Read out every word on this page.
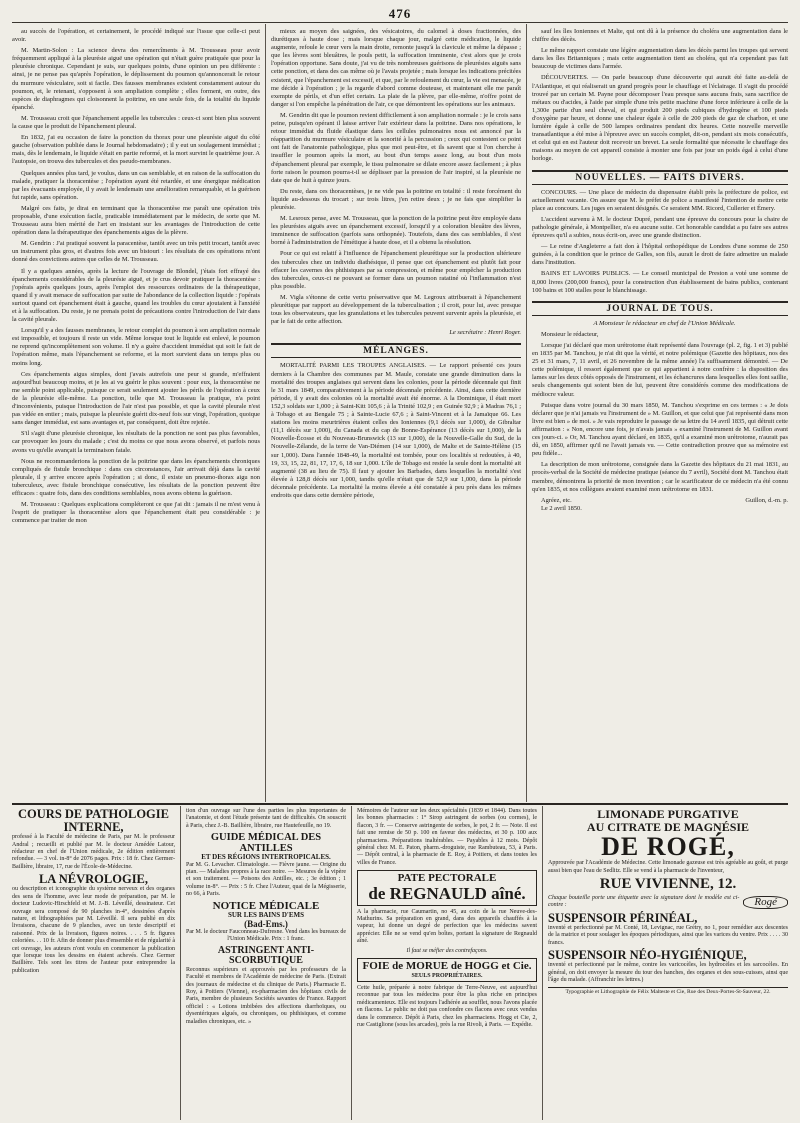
476

au succès de l'opération, et certainement, le procédé indiqué sur l'issue que celle-ci peut avoir.

M. Martin-Solon : La science devra des remercîments à M. Trousseau pour avoir fréquemment appliqué à la pleurésie aiguë une opération qui n'était guère pratiquée que pour la pleurésie chronique. Cependant je suis, sur quelques points, d'une opinion un peu différente : ainsi, je ne pense pas qu'après l'opération, le déplissement du poumon qu'annoncerait le retour du murmure vésiculaire, soit si facile. Des fausses membranes existent constamment autour du poumon, et, le retenant, s'opposent à son ampliation complète ; elles forment, en outre, des espèces de diaphragmes qui cloisonnent la poitrine, en une seule fois, de la totalité du liquide épanché.

M. Trousseau croit que l'épanchement appelle les tubercules : ceux-ci sont bien plus souvent la cause que le produit de l'épanchement pleural.

En 1832, j'ai eu occasion de faire la ponction du thorax pour une pleurésie aiguë du côté gauche (observation publiée dans le Journal hebdomadaire) ; il y eut un soulagement immédiat ; mais, dès le lendemain, le liquide s'était en partie reformé, et la mort survint le quatrième jour. A l'autopsie, on trouva des tubercules et des pseudo-membranes.

Quelques années plus tard, je voulus, dans un cas semblable, et en raison de la suffocation du malade, pratiquer la thoracentèse ; l'opération ayant été retardée, et une énergique médication par les évacuants employée, il y avait le lendemain une amélioration remarquable, et la guérison fut rapide, sans opération.

Malgré ces faits, je dirai en terminant que la thoracentèse me paraît une opération très proposable, d'une exécution facile, praticable immédiatement par le médecin, de sorte que M. Trousseau aura bien mérité de l'art en insistant sur les avantages de l'introduction de cette opération dans la thérapeutique des épanchements aigus de la plèvre.

M. Gendrin : J'ai pratiqué souvent la paracentèse, tantôt avec un très petit trocart, tantôt avec un instrument plus gros, et d'autres fois avec un bistouri : les résultats de ces opérations m'ont donné des convictions autres que celles de M. Trousseau.

Il y a quelques années, après la lecture de l'ouvrage de Blondel, j'étais fort effrayé des épanchements considérables de la pleurésie aiguë, et je crus devoir pratiquer la thoracentèse : j'opérais après quelques jours, après l'emploi des ressources ordinaires de la thérapeutique, quand il y avait menace de suffocation par suite de l'abondance de la collection liquide : j'opérais surtout quand cet épanchement était à gauche, quand les troubles du cœur ajoutaient à l'anxiété et à la suffocation. Du reste, je ne prenais point de précautions contre l'introduction de l'air dans la cavité pleurale.

Lorsqu'il y a des fausses membranes, le retour complet du poumon à son ampliation normale est impossible, et toujours il reste un vide. Même lorsque tout le liquide est enlevé, le poumon ne reprend qu'incomplètement son volume. Il n'y a guère d'accident immédiat qui soit le fait de l'opération même, mais l'épanchement se reforme, et la mort survient dans un temps plus ou moins long.

Ces épanchements aigus simples, dont j'avais autrefois une peur si grande, m'effraient aujourd'hui beaucoup moins, et je les ai vu guérir le plus souvent : pour eux, la thoracentèse ne me semble point applicable, puisque ce serait seulement ajouter les périls de l'opération à ceux de la pleurésie elle-même. La ponction, telle que M. Trousseau la pratique, n'a point d'inconvénients, puisque l'introduction de l'air n'est pas possible, et que la cavité pleurale n'est pas vidée en entier ; mais, puisque la pleurésie guérit dix-neuf fois sur vingt, l'opération, quoique sans danger immédiat, est sans avantages et, par conséquent, doit être rejetée.

S'il s'agit d'une pleurésie chronique, les résultats de la ponction ne sont pas plus favorables, car provoquer les jours du malade ; c'est du moins ce que nous avons observé, et parfois nous avons vu qu'elle avançait la terminaison fatale.

Nous ne recommanderions la ponction de la poitrine que dans les épanchements chroniques compliqués de fistule bronchique : dans ces circonstances, l'air arrivait déjà dans la cavité pleurale, il y arrive encore après l'opération ; si donc, il existe un pneumo-thorax aigu non tuberculeux, avec fistule bronchique consécutive, les résultats de la ponction peuvent être efficaces : quatre fois, dans des conditions semblables, nous avons obtenu la guérison.

M. Trousseau : Quelques explications compléteront ce que j'ai dit : jamais il ne m'est venu à l'esprit de pratiquer la thoracentèse alors que l'épanchement était peu considérable : je commence par traiter de mon

mieux au moyen des saignées, des vésicatoires, du calomel à doses fractionnées, des diurétiques à haute dose ; mais lorsque chaque jour, malgré cette médication, le liquide augmente, refoule le cœur vers la main droite, remonte jusqu'à la clavicule et même la dépasse ; que les lèvres sont bleuâtres, le pouls petit, la suffocation imminente, c'est alors que je crois l'opération opportune. Sans doute, j'ai vu de très nombreuses guérisons de pleurésies aiguës sans cette ponction, et dans des cas même où je l'avais projetée ; mais lorsque les indications précitées existent, que l'épanchement est excessif, et que, par le refoulement du cœur, la vie est menacée, je me décide à l'opération ; je la regarde d'abord comme douteuse, et maintenant elle me paraît exempte de périls, et d'un effet certain. La plaie de la plèvre, par elle-même, n'offre point de danger si l'on empêche la pénétration de l'air, ce que démontrent les opérations sur les animaux.

M. Gendrin dit que le poumon revient difficilement à son ampliation normale : je le crois sans peine, puisqu'en opérant il laisse arriver l'air extérieur dans la poitrine. Dans nos opérations, le retour immédiat du fluide élastique dans les cellules pulmonaires nous est annoncé par la réapparition du murmure vésiculaire et la sonorité à la percussion ; ceux qui contestent ce point ont fait de l'anatomie pathologique, plus que moi peut-être, et ils savent que si l'on cherche à insuffler le poumon après la mort, au bout d'un temps assez long, au bout d'un mois d'épanchement pleural par exemple, le tissu pulmonaire se dilate encore assez facilement ; à plus forte raison le poumon pourra-t-il se déplisser par la pression de l'air inspiré, si la pleurésie ne date que de huit à quinze jours.

Du reste, dans ces thoracentèses, je ne vide pas la poitrine en totalité : il reste forcément du liquide au-dessous du trocart ; sur trois litres, j'en retire deux ; je ne fais que simplifier la pleurésie.

M. Lesroux pense, avec M. Trousseau, que la ponction de la poitrine peut être employée dans les pleurésies aiguës avec un épanchement excessif, lorsqu'il y a coloration bleuâtre des lèvres, imminence de suffocation (parfois sans orthopnée). Toutefois, dans des cas semblables, il s'est borné à l'administration de l'émétique à haute dose, et il a obtenu la résolution.

Pour ce qui est relatif à l'influence de l'épanchement pleurétique sur la production ultérieure des tubercules chez un individu diathésique, il pense que cet épanchement est plutôt fait pour effacer les cavernes des phthisiques par sa compression, et même pour empêcher la production des tubercules, ceux-ci ne pouvant se former dans un poumon ratatiné où l'inflammation n'est plus possible.

M. Vigla s'étonne de cette vertu préservative que M. Legroux attribuerait à l'épanchement pleurétique par rapport au développement de la tuberculisation ; il croit, pour lui, avec presque tous les observateurs, que les granulations et les tubercules peuvent survenir après la pleurésie, et par le fait de cette affection.

Le secrétaire : Henri Roger.

MÉLANGES.

MORTALITÉ PARMI LES TROUPES ANGLAISES. — Le rapport présenté ces jours derniers à la Chambre des communes par M. Maule, constate une grande diminution dans la mortalité des troupes anglaises qui servent dans les colonies, pour la période décennale qui finit le 31 mars 1849, comparativement à la période décennale précédente. Ainsi, dans cette dernière période, il y avait des colonies où la mortalité avait été énorme. A la Dominique, il était mort 152,3 soldats sur 1,000 ; à Saint-Kitt 105,6 ; à la Trinité 102,9 ; en Guinée 92,9 ; à Madras 76,1 ; à Tobago et au Bengale 75 ; à Sainte-Lucie 67,6 ; à Saint-Vincent et à la Jamaïque 66. Les stations les moins meurtrières étaient celles des Ioniennes (9,1 décès sur 1,000), de Gibraltar (11,1 décès sur 1,000), du Canada et du cap de Bonne-Espérance (13 décès sur 1,000), de la Nouvelle-Écosse et du Nouveau-Brunswick (13 sur 1,000), de la Nouvelle-Galle du Sud, de la Nouvelle-Zélande, de la terre de Van-Diémen (14 sur 1,000), de Malte et de Sainte-Hélène (15 sur 1,000). Dans l'année 1848-49, la mortalité est tombée, pour ces localités si redoutées, à 40, 19, 33, 15, 22, 81, 17, 17, 6, 18 sur 1,000. L'île de Tobago est restée la seule dont la mortalité ait augmenté (38 au lieu de 75). Il faut y ajouter les Barbades, dans lesquelles la mortalité s'est élevée à 128,8 décès sur 1,000, tandis qu'elle n'était que de 52,9 sur 1,000, dans la période décennale précédente. La mortalité la moins élevée a été constatée à peu près dans les mêmes endroits que dans cette dernière période,

sauf les îles Ioniennes et Malte, qui ont dû à la présence du choléra une augmentation dans le chiffre des décès.

Le même rapport constate une légère augmentation dans les décès parmi les troupes qui servent dans les îles Britanniques ; mais cette augmentation tient au choléra, qui n'a cependant pas fait beaucoup de victimes dans l'armée.

DÉCOUVERTES. — On parle beaucoup d'une découverte qui aurait été faite au-delà de l'Atlantique, et qui réaliserait un grand progrès pour le chauffage et l'éclairage. Il s'agit du procédé trouvé par un certain M. Payne pour décomposer l'eau presque sans aucuns frais, sans sacrifice de métaux ou d'acides, à l'aide par simple d'une très petite machine d'une force inférieure à celle de la 1,300e partie d'un seul cheval, et qui produit 200 pieds cubiques d'hydrogène et 100 pieds d'oxygène par heure, et donne une chaleur égale à celle de 200 pieds de gaz de charbon, et une lumière égale à celle de 500 lampes ordinaires pendant dix heures. Cette nouvelle merveille transatlantique a été mise à l'épreuve avec un succès complet, dit-on, pendant six mois consécutifs, et celui qui en est l'auteur doit recevoir un brevet. La seule formalité que nécessite le chauffage des maisons au moyen de cet appareil consiste à monter une fois par jour un poids égal à celui d'une horloge.

NOUVELLES. — FAITS DIVERS.

CONCOURS. — Une place de médecin du dispensaire établi près la préfecture de police, est actuellement vacante. On assure que M. le préfet de police a manifesté l'intention de mettre cette place au concours. Les juges en seraient désignés. Ce seraient MM. Ricord, Cullerier et Émery.

L'accident survenu à M. le docteur Dupré, pendant une épreuve du concours pour la chaire de pathologie générale, à Montpellier, n'a eu aucune suite. Cet honorable candidat a pu faire ses autres épreuves qu'il a subies, nous écrit-on, avec une grande distinction.

— Le reine d'Angleterre a fait don à l'hôpital orthopédique de Londres d'une somme de 250 guinées, à la condition que le prince de Galles, son fils, aurait le droit de faire admettre un malade dans l'institution.

BAINS ET LAVOIRS PUBLICS. — Le conseil municipal de Preston a voté une somme de 8,000 livres (200,000 francs), pour la construction d'un établissement de bains publics, contenant 100 bains et 100 stalles pour le blanchissage.

JOURNAL DE TOUS.

A Monsieur le rédacteur en chef de l'Union Médicale.

Monsieur le rédacteur,

Lorsque j'ai déclaré que mon urétrotome était représenté dans l'ouvrage (pl. 2, fig. 1 et 3) publié en 1835 par M. Tanchou, je n'ai dit que la vérité, et notre polémique (Gazette des hôpitaux, nos des 25 et 31 mars, 7, 11 avril, et 26 novembre de la même année) l'a suffisamment démontré. — De cette polémique, il ressort également que ce qui appartient à notre confrère : la disposition des lames sur les deux côtés opposés de l'instrument, et les échancrures dans lesquelles elles font saillie, seuls changements qui soient bien de lui, peuvent être considérés comme des modifications de médiocre valeur.

Puisque dans votre journal du 30 mars 1850, M. Tanchou s'exprime en ces termes : « Je dois déclarer que je n'ai jamais vu l'instrument de » M. Guillon, et que celui que j'ai représenté dans mon livre est bien » de moi. » Je vais reproduire le passage de sa lettre du 14 avril 1835, qui détruit cette affirmation : « Non, encore une fois, je n'avais jamais » examiné l'instrument de M. Guillon avant ces jours-ci. » Or, M. Tanchou ayant déclaré, en 1835, qu'il a examiné mon urétrotome, n'aurait pas dû, en 1850, affirmer qu'il ne l'avait jamais vu. — Cette contradiction prouve que sa mémoire est peu fidèle...

La description de mon urétrotome, consignée dans la Gazette des hôpitaux du 21 mai 1831, au procès-verbal de la Société de médecine pratique (séance du 7 avril), Société dont M. Tanchou était membre, démontrera la priorité de mon invention ; car le scarificateur de ce médecin n'a été connu qu'en 1835, et nos collègues avaient examiné mon urétrotome en 1831.

Agréez, etc.	Guillon, d.-m. p.

Le 2 avril 1850.

COURS DE PATHOLOGIE INTERNE,

professé à la Faculté de médecine de Paris, par M. le professeur Andral ; recueilli et publié par M. le docteur Amédée Latour, rédacteur en chef de l'Union médicale, 2e édition entièrement refondue. — 3 vol. in-8° de 2076 pages. Prix : 18 fr. Chez Germer-Baillière, libraire, 17, rue de l'École-de-Médecine.

LA NÉVROLOGIE,

ou description et iconographie du système nerveux et des organes des sens de l'homme, avec leur mode de préparation, par M. le docteur Ludovic-Hirschfeld et M. J.-B. Léveillé, dessinateur. Cet ouvrage sera composé de 90 planches in-4°, dessinées d'après nature, et lithographiées par M. Léveillé. Il sera publié en dix livraisons, chacune de 9 planches, avec un texte descriptif et raisonné. Prix de la livraison, figures noires. . . . 5 fr. figures coloriées. . . 10 fr. Afin de donner plus d'ensemble et de régularité à cet ouvrage, les auteurs n'ont voulu en commencer la publication que lorsque tous les dessins en étaient achevés. Chez Germer Baillière. Tels sont les titres de l'auteur pour entreprendre la publication

tion d'un ouvrage sur l'une des parties les plus importantes de l'anatomie, et dont l'étude présente tant de difficultés. On souscrit à Paris, chez J.-B. Baillière, libraire, rue Hautefeuille, no 19.

GUIDE MÉDICAL DES ANTILLES
ET DES RÉGIONS INTERTROPICALES.

Par M. G. Levacher. Climatologie. — Fièvre jaune. — Origine du pian. — Maladies propres à la race noire. — Mesures de la vipère et son traitement. — Poisons des Antilles, etc. ; 3e édition ; 1 volume in-8°. — Prix : 5 fr. Chez l'Auteur, quai de la Mégisserie, no 66, à Paris.

NOTICE MÉDICALE
SUR LES BAINS D'EMS
(Bad-Ems.)

Par M. le docteur Fauconneau-Dufresne. Vend dans les bureaux de l'Union Médicale. Prix : 1 franc.

ASTRINGENT ANTI-SCORBUTIQUE

Reconnus supérieurs et approuvés par les professeurs de la Faculté et membres de l'Académie de médecine de Paris. (Extrait des journaux de médecine et du clinique de Paris.) Pharmacie E. Roy, à Poitiers (Vienne), ex-pharmacien des hôpitaux civils de Paris, membre de plusieurs Sociétés savantes de France. Rapport officiel : « Lotions imbibées des affections diarrhoïques, ou dysentériques algués, ou chroniques, ou phthisiques, et comme maladies chroniques, etc. »

Mémoires de l'auteur sur les deux spécialités (1839 et 1844). Dans toutes les bonnes pharmacies : 1° Sirop astringent de sorbes (ou cormes), le flacon, 3 fr. — Conserve astringente de sorbes, le pot, 2 fr. — Note. Il est fait une remise de 50 p. 100 en faveur des médecins, et 30 p. 100 aux pharmaciens. Préparations inaltérables. — Payables à 12 mois. Dépôt général chez M. E. Paton, pharm.-droguiste, rue Rambuteau, 53, à Paris. — Dépôt central, à la pharmacie de E. Roy, à Poitiers, et dans toutes les villes de France.

PATE PECTORALE
de REGNAULD aîné.

A la pharmacie, rue Caumartin, no 45, au coin de la rue Neuve-des-Mathurins. Sa préparation en grand, dans des appareils chauffés à la vapeur, lui donne un degré de perfection que les médecins savent apprécier. Elle ne se vend qu'en boîtes, portant la signature de Regnauld aîné.

Il faut se méfier des contrefaçons.

FOIE de MORUE de HOGG et Cie.
SEULS PROPRIÉTAIRES.

Cette huile, préparée à notre fabrique de Terre-Neuve, est aujourd'hui reconnue par tous les médecins pour être la plus riche en principes médicamenteux. Elle est toujours l'adhérée au soufflet, nous l'avons placée en flacons. Le public ne doit pas confondre ces flacons avec ceux vendus dans le commerce. Dépôt à Paris, chez les pharmaciens. Hogg et Cie, 2, rue Castiglione (sous les arcades), près la rue Rivoli, à Paris. — Expédie.

LIMONADE PURGATIVE
AU CITRATE DE MAGNÉSIE
DE ROGÉ,

Approuvée par l'Académie de Médecine. Cette limonade gazeuse est très agréable au goût, et purge aussi bien que l'eau de Sedlitz. Elle se vend à la pharmacie de l'inventeur,

RUE VIVIENNE, 12.

Chaque bouteille porte une étiquette avec la signature dont le modèle est ci-contre :	Rogé
SUSPENSOIR PÉRINÉAL,

inventé et perfectionné par M. Conté, 18, Levignac, rue Grétry, no 1, pour remédier aux descentes de la matrice et pour soulager les époques périodiques, ainsi que les varices du ventre. Prix . . . . 30 francs.

SUSPENSOIR NÉO-HYGIÉNIQUE,

inventé et perfectionné par le même, contre les varicocèles, les hydrocèles et les sarcocèles. En général, on doit envoyer la mesure du tour des hanches, des organes et des sous-cuisses, ainsi que l'âge du malade. (Affranchir les lettres.)

Typographie et Lithographie de Félix Malteste et Cie, Rue des Deux-Portes-St-Sauveur, 22.
